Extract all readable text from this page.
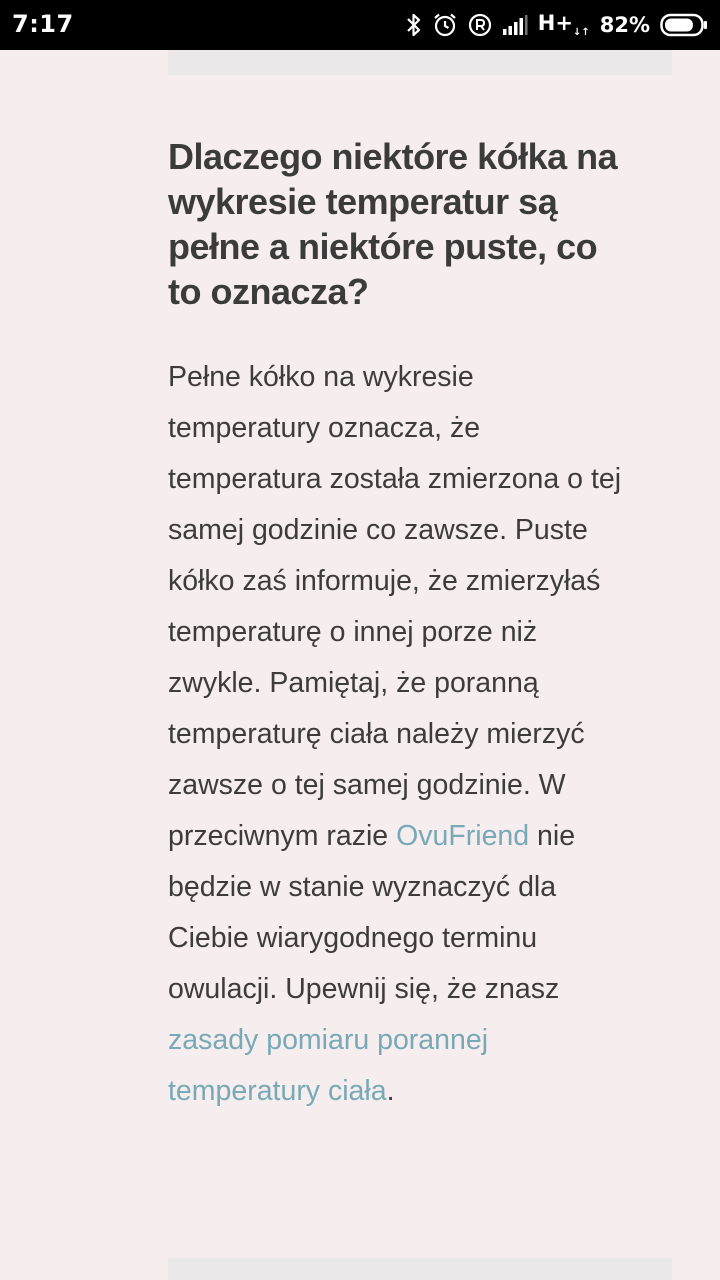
7:17	$H+_{↓↑}$ 82%
Dlaczego niektóre kółka na wykresie temperatur są pełne a niektóre puste, co to oznacza?

Pełne kółko na wykresie temperatury oznacza, że temperatura została zmierzona o tej samej godzinie co zawsze. Puste kółko zaś informuje, że zmierzyłaś temperaturę o innej porze niż zwykle. Pamiętaj, że poranną temperaturę ciała należy mierzyć zawsze o tej samej godzinie. W przeciwnym razie OvuFriend nie będzie w stanie wyznaczyć dla Ciebie wiarygodnego terminu owulacji. Upewnij się, że znasz zasady pomiaru porannej temperatury ciała.
